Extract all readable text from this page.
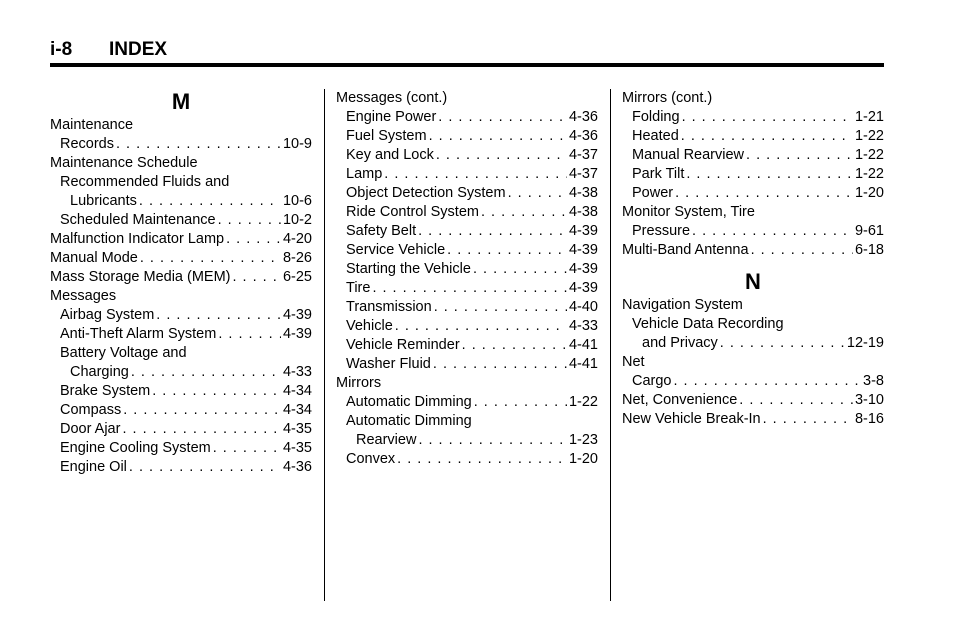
i-8 INDEX
M
Maintenance
Records . . .	10-9
Maintenance Schedule
Recommended Fluids and
Lubricants . . .	10-6
Scheduled Maintenance . . .	10-2
Malfunction Indicator Lamp . . .	4-20
Manual Mode . . .	8-26
Mass Storage Media (MEM) . . .	6-25
Messages
Airbag System . . .	4-39
Anti-Theft Alarm System . . .	4-39
Battery Voltage and
Charging . . .	4-33
Brake System . . .	4-34
Compass . . .	4-34
Door Ajar . . .	4-35
Engine Cooling System . . .	4-35
Engine Oil . . .	4-36
Messages (cont.)
Engine Power . . .	4-36
Fuel System . . .	4-36
Key and Lock . . .	4-37
Lamp . . .	4-37
Object Detection System . . .	4-38
Ride Control System . . .	4-38
Safety Belt . . .	4-39
Service Vehicle . . .	4-39
Starting the Vehicle . . .	4-39
Tire . . .	4-39
Transmission . . .	4-40
Vehicle . . .	4-33
Vehicle Reminder . . .	4-41
Washer Fluid . . .	4-41
Mirrors
Automatic Dimming . . .	1-22
Automatic Dimming
Rearview . . .	1-23
Convex . . .	1-20
Mirrors (cont.)
Folding . . .	1-21
Heated . . .	1-22
Manual Rearview . . .	1-22
Park Tilt . . .	1-22
Power . . .	1-20
Monitor System, Tire
Pressure . . .	9-61
Multi-Band Antenna . . .	6-18
N
Navigation System
Vehicle Data Recording
and Privacy . . .	12-19
Net
Cargo . . .	3-8
Net, Convenience . . .	3-10
New Vehicle Break-In . . .	8-16
